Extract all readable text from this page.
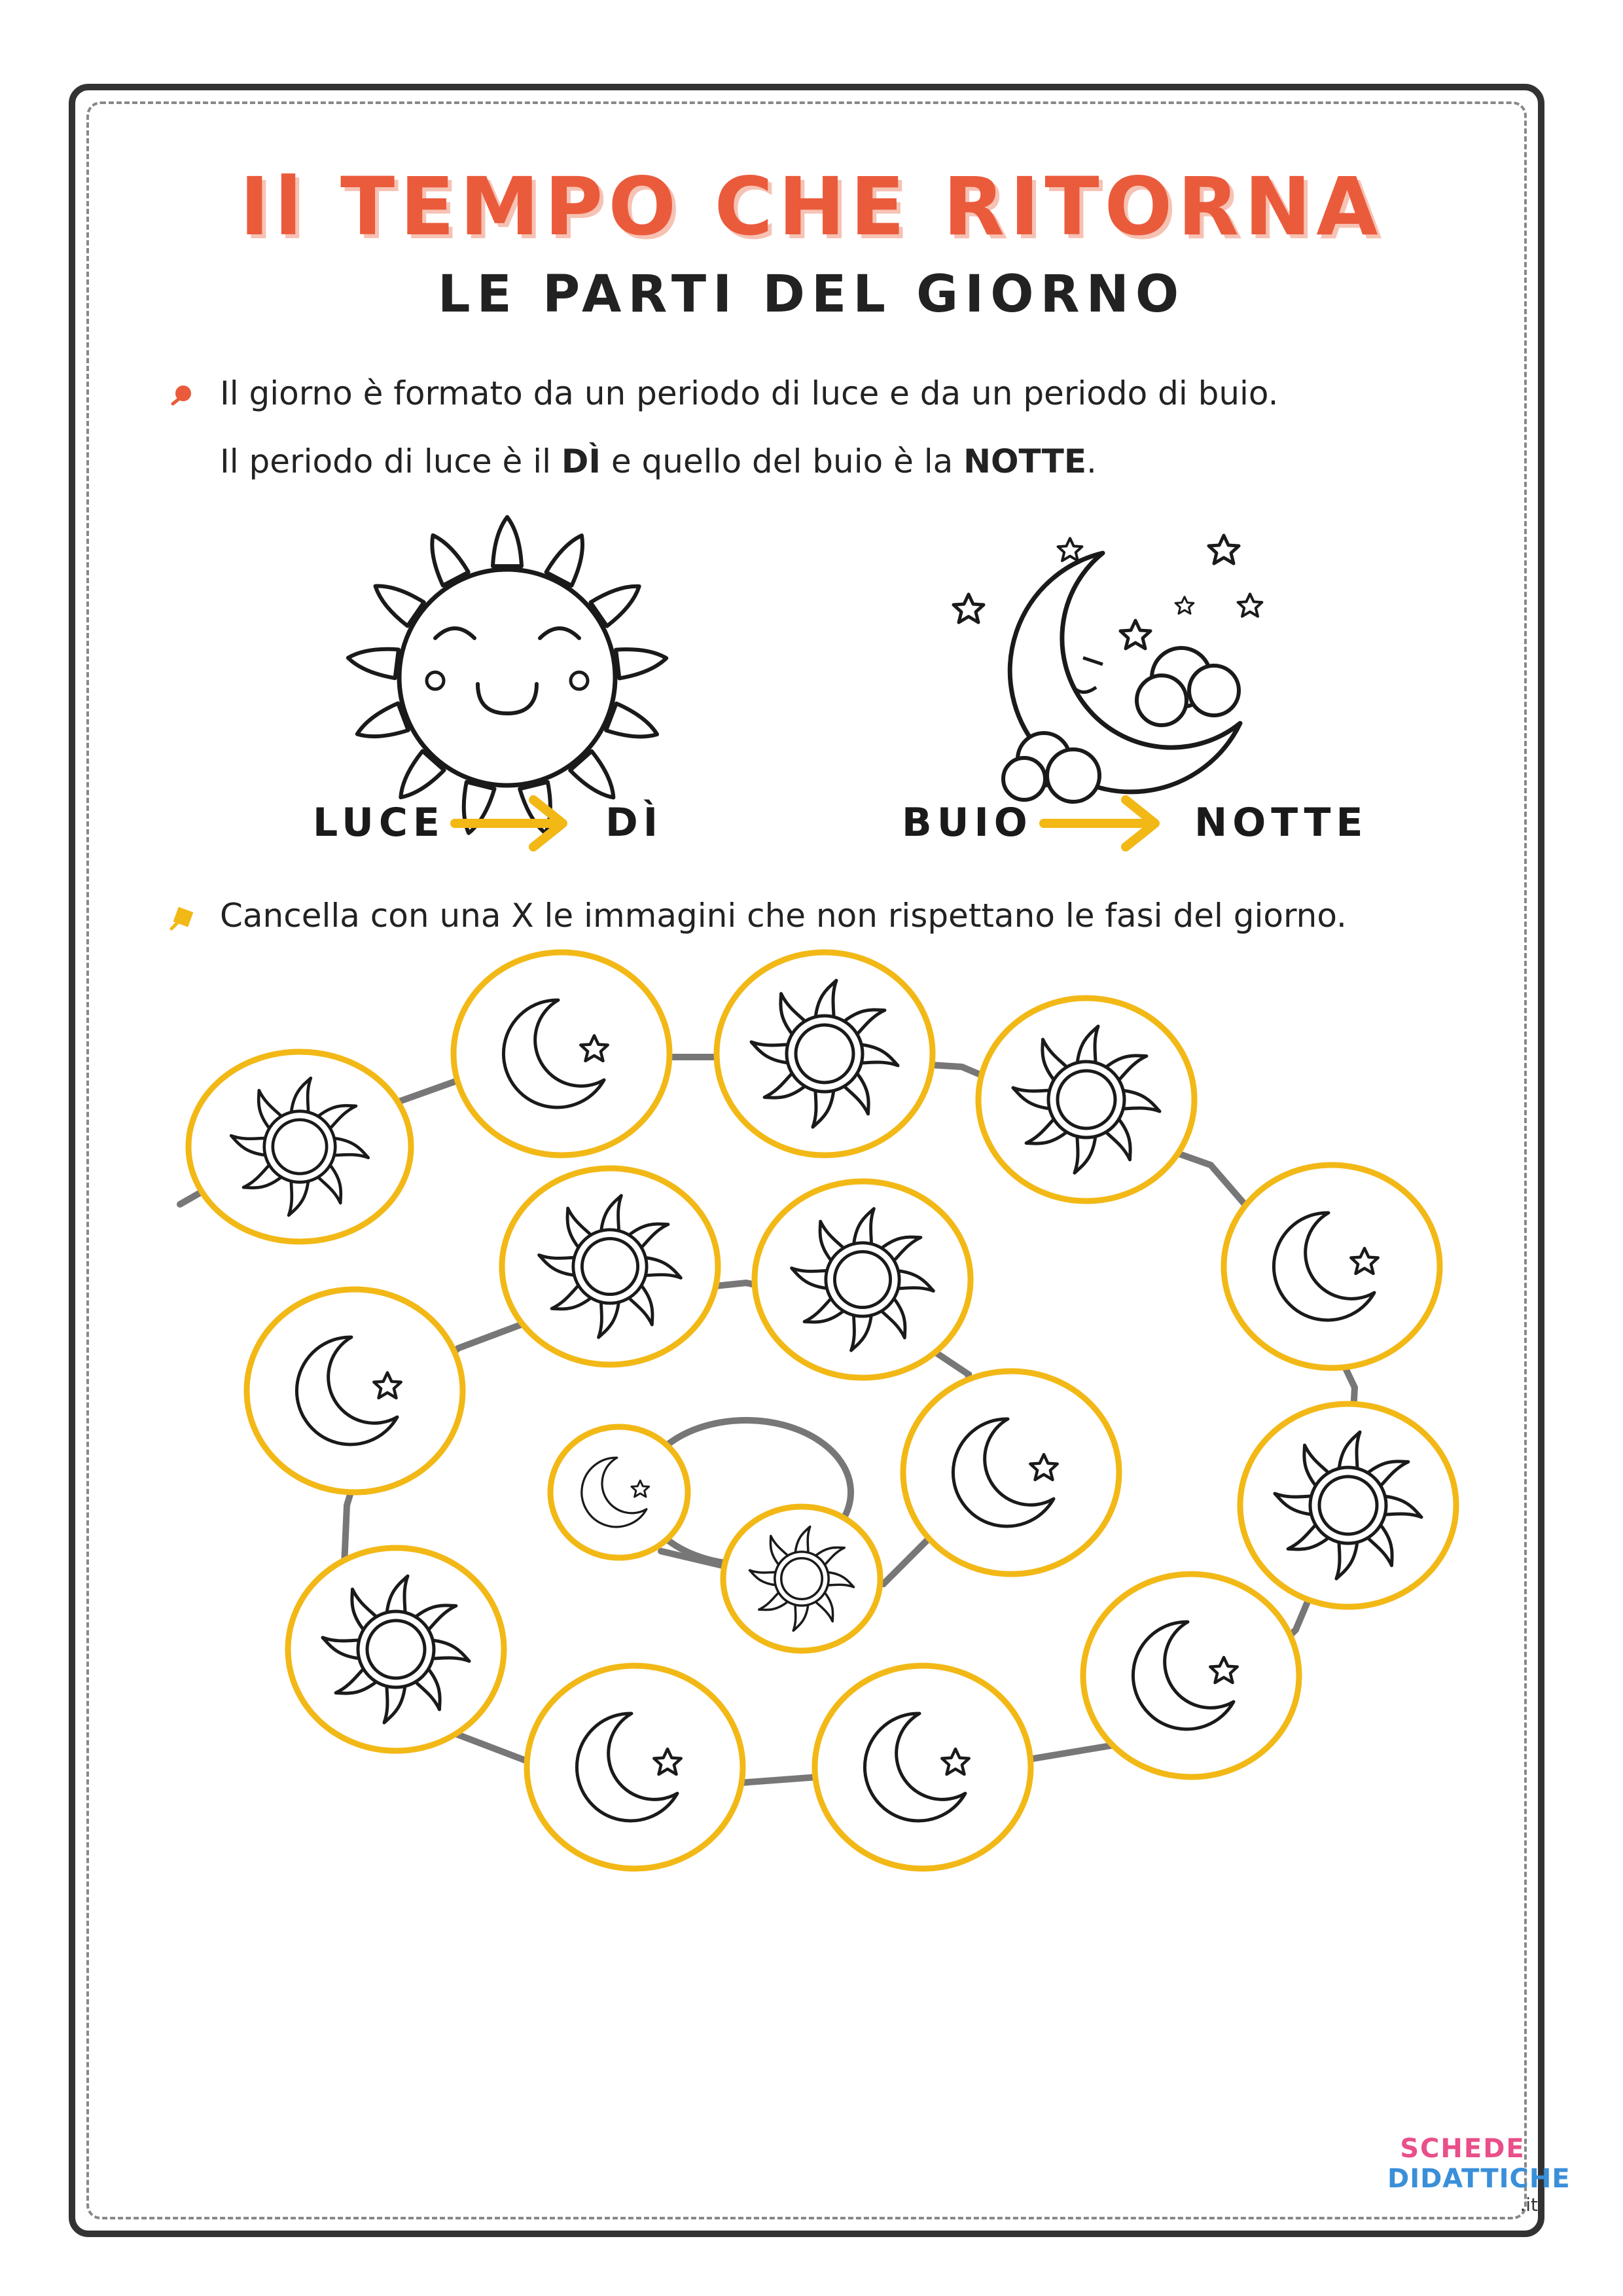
Il TEMPO CHE RITORNA
LE PARTI DEL GIORNO
Il giorno è formato da un periodo di luce e da un periodo di buio.
Il periodo di luce è il DÌ e quello del buio è la NOTTE.
LUCE	DÌ	BUIO	NOTTE
Cancella con una X le immagini che non rispettano le fasi del giorno.
SCHEDE
DIDATTICHE
.it
